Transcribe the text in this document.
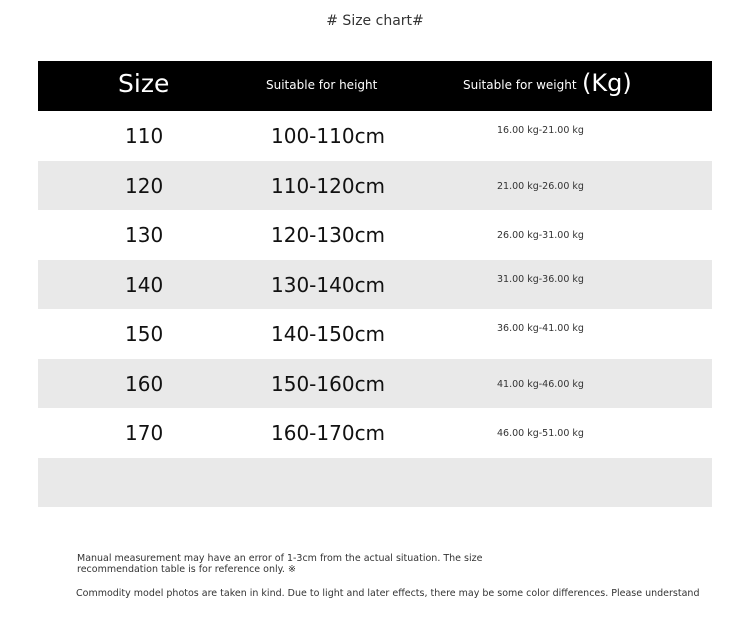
# Size chart#
Size	Suitable for height	Suitable for weight (Kg)
110	100-110cm	16.00 kg-21.00 kg
120	110-120cm	21.00 kg-26.00 kg
130	120-130cm	26.00 kg-31.00 kg
140	130-140cm	31.00 kg-36.00 kg
150	140-150cm	36.00 kg-41.00 kg
160	150-160cm	41.00 kg-46.00 kg
170	160-170cm	46.00 kg-51.00 kg
Manual measurement may have an error of 1-3cm from the actual situation. The size recommendation table is for reference only. ※
Commodity model photos are taken in kind. Due to light and later effects, there may be some color differences. Please understand
